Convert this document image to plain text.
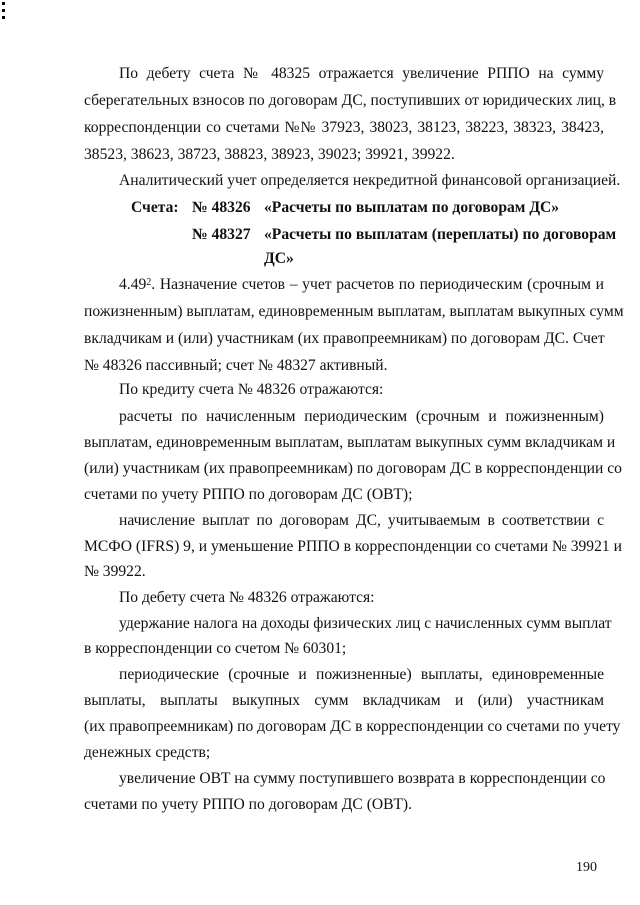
По дебету счета № 48325 отражается увеличение РППО на сумму
сберегательных взносов по договорам ДС, поступивших от юридических лиц, в
корреспонденции со счетами №№ 37923, 38023, 38123, 38223, 38323, 38423,
38523, 38623, 38723, 38823, 38923, 39023; 39921, 39922.
Аналитический учет определяется некредитной финансовой организацией.
Счета: № 48326 «Расчеты по выплатам по договорам ДС»
№ 48327 «Расчеты по выплатам (переплаты) по договорам
ДС»
4.49$^2$. Назначение счетов – учет расчетов по периодическим (срочным и
пожизненным) выплатам, единовременным выплатам, выплатам выкупных сумм
вкладчикам и (или) участникам (их правопреемникам) по договорам ДС. Счет
№ 48326 пассивный; счет № 48327 активный.
По кредиту счета № 48326 отражаются:
расчеты по начисленным периодическим (срочным и пожизненным)
выплатам, единовременным выплатам, выплатам выкупных сумм вкладчикам и
(или) участникам (их правопреемникам) по договорам ДС в корреспонденции со
счетами по учету РППО по договорам ДС (ОВТ);
начисление выплат по договорам ДС, учитываемым в соответствии с
МСФО (IFRS) 9, и уменьшение РППО в корреспонденции со счетами № 39921 и
№ 39922.
По дебету счета № 48326 отражаются:
удержание налога на доходы физических лиц с начисленных сумм выплат
в корреспонденции со счетом № 60301;
периодические (срочные и пожизненные) выплаты, единовременные
выплаты, выплаты выкупных сумм вкладчикам и (или) участникам
(их правопреемникам) по договорам ДС в корреспонденции со счетами по учету
денежных средств;
увеличение ОВТ на сумму поступившего возврата в корреспонденции со
счетами по учету РППО по договорам ДС (ОВТ).
190
